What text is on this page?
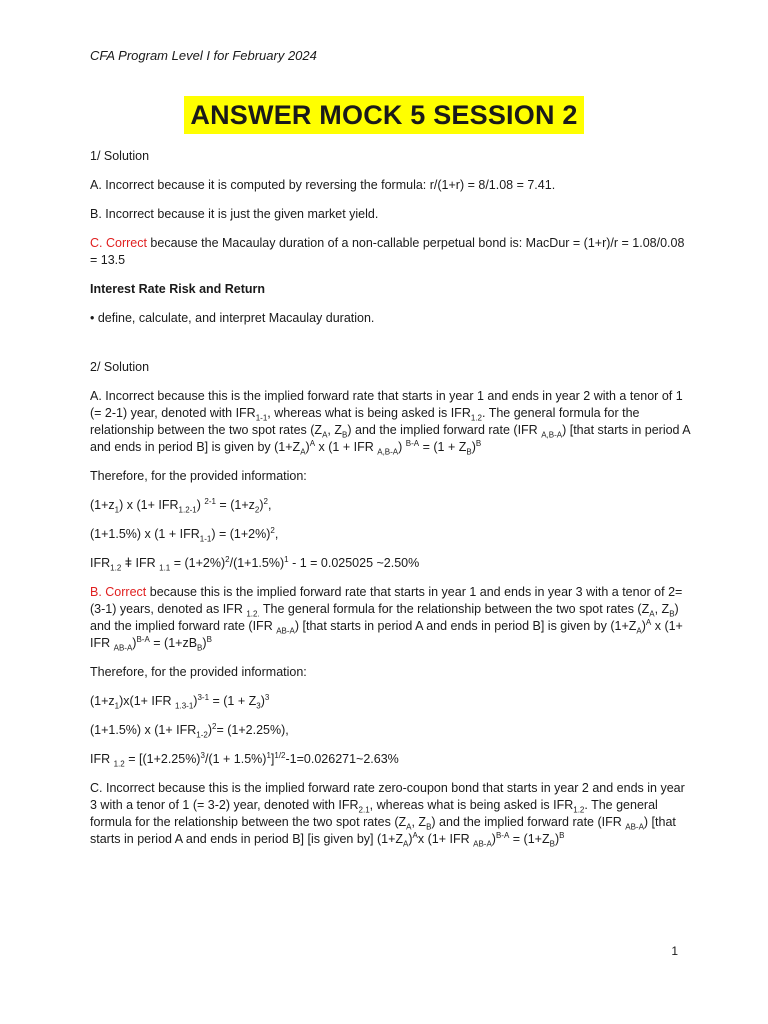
CFA Program Level I for February 2024
ANSWER MOCK 5 SESSION 2

1/ Solution

A. Incorrect because it is computed by reversing the formula: r/(1+r) = 8/1.08 = 7.41.

B. Incorrect because it is just the given market yield.

C. Correct because the Macaulay duration of a non-callable perpetual bond is: MacDur = (1+r)/r = 1.08/0.08 = 13.5

Interest Rate Risk and Return

• define, calculate, and interpret Macaulay duration.

2/ Solution

A. Incorrect because this is the implied forward rate that starts in year 1 and ends in year 2 with a tenor of 1 (= 2-1) year, denoted with $IFR_{1-1}$, whereas what is being asked is $IFR_{1.2}$. The general formula for the relationship between the two spot rates ($Z_A$, $Z_B$) and the implied forward rate (IFR $_{A,B-A}$) [that starts in period A and ends in period B] is given by $(1+Z_A)^A$ x (1 + IFR $_{A,B-A}$) $^{B-A} = (1 + Z_B)^B$

Therefore, for the provided information:

$(1+z_1)$ x $(1+ IFR_{1.2-1})$ $^{2-1} = (1+z_2)^2$,

(1+1.5%) x $(1 + IFR_{1-1}) = (1+2\%)^2$,

$IFR_{1.2}$ ǂ IFR $_{1.1} = (1+2\%)^2/(1+1.5\%)^1 - 1 = 0.025025$ ~2.50%

B. Correct because this is the implied forward rate that starts in year 1 and ends in year 3 with a tenor of 2=(3-1) years, denoted as IFR $_{1.2.}$ The general formula for the relationship between the two spot rates ($Z_A$, $Z_B$) and the implied forward rate (IFR $_{AB-A}$) [that starts in period A and ends in period B] is given by $(1+Z_A)^A$ x (1+ IFR $_{AB-A})^{B-A} = (1+zB_B)^B$

Therefore, for the provided information:

$(1+z_1)x(1+$ IFR $_{1.3-1})^{3-1} = (1 + Z_3)^3$

(1+1.5%) x $(1+ IFR_{1-2})^2= (1+2.25\%)$,

IFR $_{1.2} = [(1+2.25\%)^3/(1$ + $1.5\%)^1]^{1/2}-1=0.026271\sim 2.63\%$

C. Incorrect because this is the implied forward rate zero-coupon bond that starts in year 2 and ends in year 3 with a tenor of 1 (= 3-2) year, denoted with $IFR_{2.1}$, whereas what is being asked is $IFR_{1.2}$. The general formula for the relationship between the two spot rates ($Z_A$, $Z_B$) and the implied forward rate (IFR $_{AB-A}$) [that starts in period A and ends in period B] [is given by] $(1+Z_A)^Ax$ (1+ IFR $_{AB-A})^{B-A} = (1+Z_B)^B$

1
